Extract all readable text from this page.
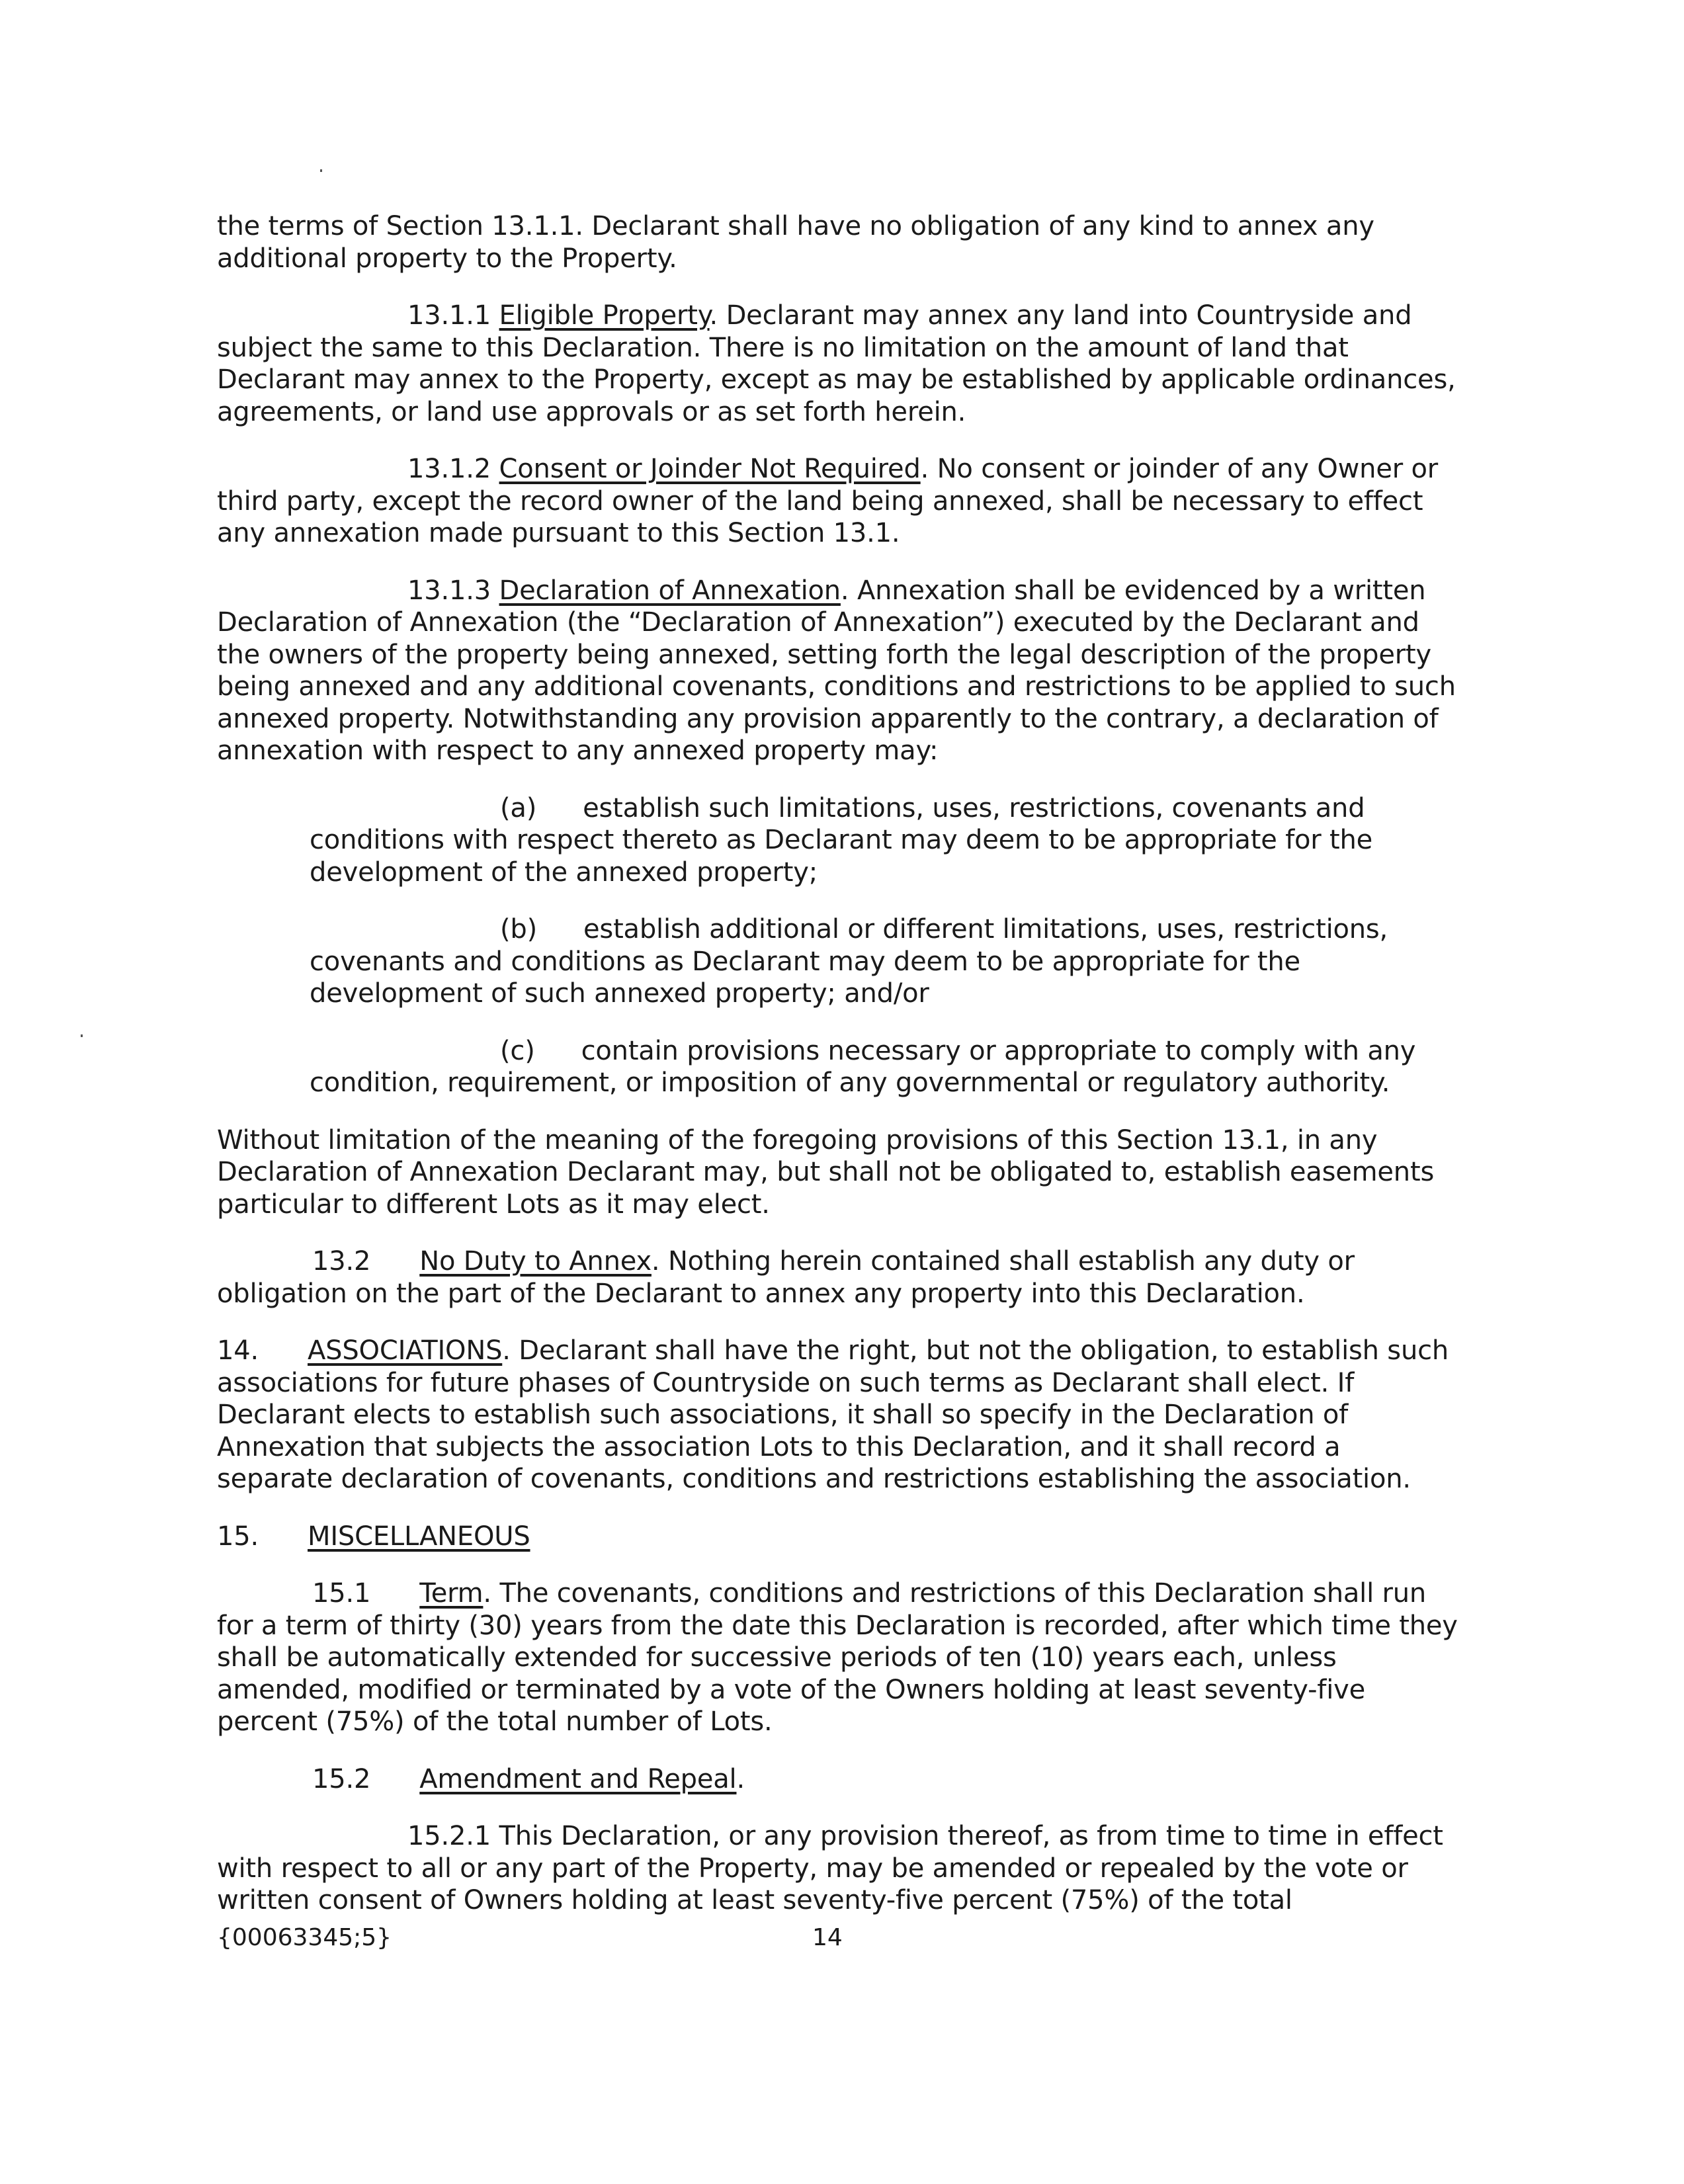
the terms of Section 13.1.1. Declarant shall have no obligation of any kind to annex any additional property to the Property.

13.1.1 Eligible Property. Declarant may annex any land into Countryside and subject the same to this Declaration. There is no limitation on the amount of land that Declarant may annex to the Property, except as may be established by applicable ordinances, agreements, or land use approvals or as set forth herein.

13.1.2 Consent or Joinder Not Required. No consent or joinder of any Owner or third party, except the record owner of the land being annexed, shall be necessary to effect any annexation made pursuant to this Section 13.1.

13.1.3 Declaration of Annexation. Annexation shall be evidenced by a written Declaration of Annexation (the “Declaration of Annexation”) executed by the Declarant and the owners of the property being annexed, setting forth the legal description of the property being annexed and any additional covenants, conditions and restrictions to be applied to such annexed property. Notwithstanding any provision apparently to the contrary, a declaration of annexation with respect to any annexed property may:

(a) establish such limitations, uses, restrictions, covenants and conditions with respect thereto as Declarant may deem to be appropriate for the development of the annexed property;

(b) establish additional or different limitations, uses, restrictions, covenants and conditions as Declarant may deem to be appropriate for the development of such annexed property; and/or

(c) contain provisions necessary or appropriate to comply with any condition, requirement, or imposition of any governmental or regulatory authority.

Without limitation of the meaning of the foregoing provisions of this Section 13.1, in any Declaration of Annexation Declarant may, but shall not be obligated to, establish easements particular to different Lots as it may elect.

13.2 No Duty to Annex. Nothing herein contained shall establish any duty or obligation on the part of the Declarant to annex any property into this Declaration.

14. ASSOCIATIONS. Declarant shall have the right, but not the obligation, to establish such associations for future phases of Countryside on such terms as Declarant shall elect. If Declarant elects to establish such associations, it shall so specify in the Declaration of Annexation that subjects the association Lots to this Declaration, and it shall record a separate declaration of covenants, conditions and restrictions establishing the association.

15. MISCELLANEOUS

15.1 Term. The covenants, conditions and restrictions of this Declaration shall run for a term of thirty (30) years from the date this Declaration is recorded, after which time they shall be automatically extended for successive periods of ten (10) years each, unless amended, modified or terminated by a vote of the Owners holding at least seventy-five percent (75%) of the total number of Lots.

15.2 Amendment and Repeal.

15.2.1 This Declaration, or any provision thereof, as from time to time in effect with respect to all or any part of the Property, may be amended or repealed by the vote or written consent of Owners holding at least seventy-five percent (75%) of the total

{00063345;5}	14
